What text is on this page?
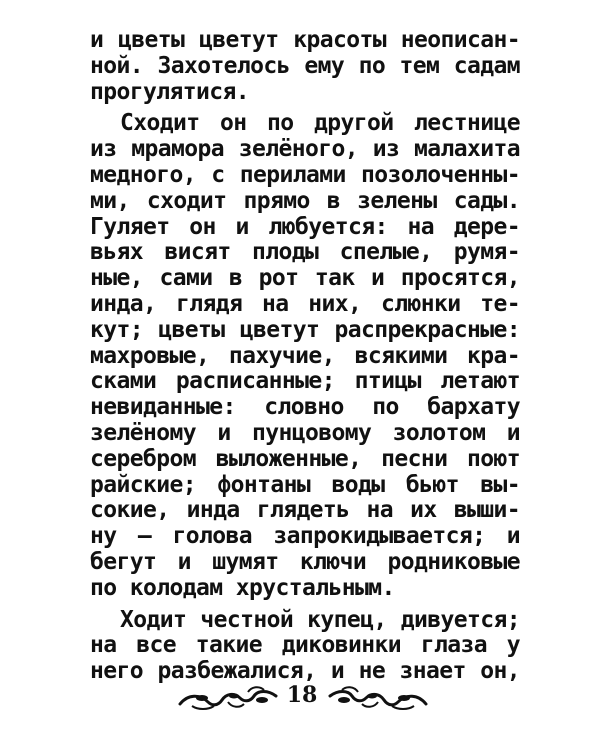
и цветы цветут красоты неописан-
ной. Захотелось ему по тем садам
прогулятися.

Сходит он по другой лестнице
из мрамора зелёного, из малахита
медного, с перилами позолоченны-
ми, сходит прямо в зелены сады.
Гуляет он и любуется: на дере-
вьях висят плоды спелые, румя-
ные, сами в рот так и просятся,
инда, глядя на них, слюнки те-
кут; цветы цветут распрекрасные:
махровые, пахучие, всякими кра-
сками расписанные; птицы летают
невиданные: словно по бархату
зелёному и пунцовому золотом и
серебром выложенные, песни поют
райские; фонтаны воды бьют вы-
сокие, инда глядеть на их выши-
ну — голова запрокидывается; и
бегут и шумят ключи родниковые
по колодам хрустальным.

Ходит честной купец, дивуется;
на все такие диковинки глаза у
него разбежалися, и не знает он,

18
